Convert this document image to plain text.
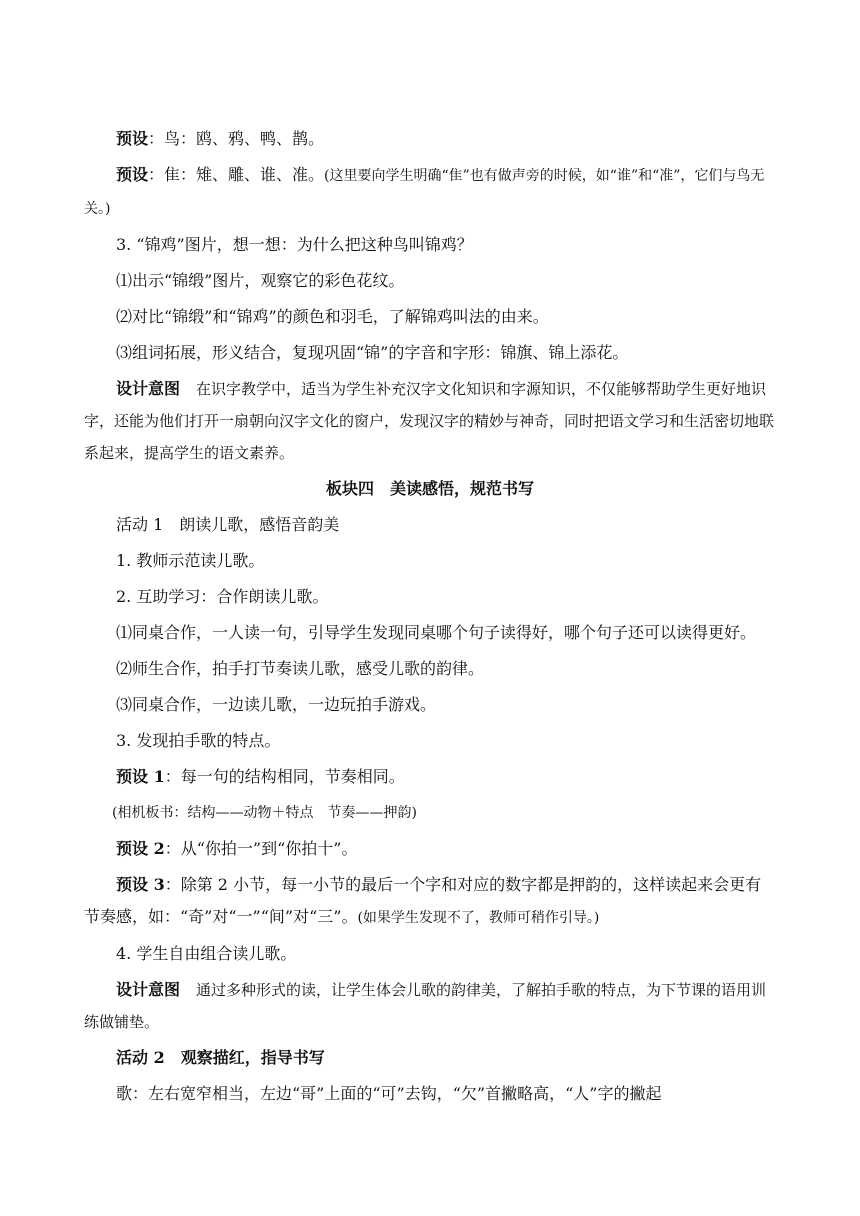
预设：鸟：鸥、鸦、鸭、鹊。

预设：隹：雉、雕、谁、准。(这里要向学生明确“隹”也有做声旁的时候，如“谁”和“准”，它们与鸟无关。)

3. “锦鸡”图片，想一想：为什么把这种鸟叫锦鸡？

⑴出示“锦缎”图片，观察它的彩色花纹。

⑵对比“锦缎”和“锦鸡”的颜色和羽毛，了解锦鸡叫法的由来。

⑶组词拓展，形义结合，复现巩固“锦”的字音和字形：锦旗、锦上添花。

设计意图 在识字教学中，适当为学生补充汉字文化知识和字源知识，不仅能够帮助学生更好地识字，还能为他们打开一扇朝向汉字文化的窗户，发现汉字的精妙与神奇，同时把语文学习和生活密切地联系起来，提高学生的语文素养。

板块四　美读感悟，规范书写

活动 1　朗读儿歌，感悟音韵美

1. 教师示范读儿歌。

2. 互助学习：合作朗读儿歌。

⑴同桌合作，一人读一句，引导学生发现同桌哪个句子读得好，哪个句子还可以读得更好。

⑵师生合作，拍手打节奏读儿歌，感受儿歌的韵律。

⑶同桌合作，一边读儿歌，一边玩拍手游戏。

3. 发现拍手歌的特点。

预设 1：每一句的结构相同，节奏相同。

(相机板书：结构——动物＋特点　节奏——押韵)

预设 2：从“你拍一”到“你拍十”。

预设 3：除第 2 小节，每一小节的最后一个字和对应的数字都是押韵的，这样读起来会更有节奏感，如：“奇”对“一”“间”对“三”。(如果学生发现不了，教师可稍作引导。)

4. 学生自由组合读儿歌。

设计意图 通过多种形式的读，让学生体会儿歌的韵律美，了解拍手歌的特点，为下节课的语用训练做铺垫。

活动 2　观察描红，指导书写

歌：左右宽窄相当，左边“哥”上面的“可”去钩，“欠”首撇略高，“人”字的撇起
